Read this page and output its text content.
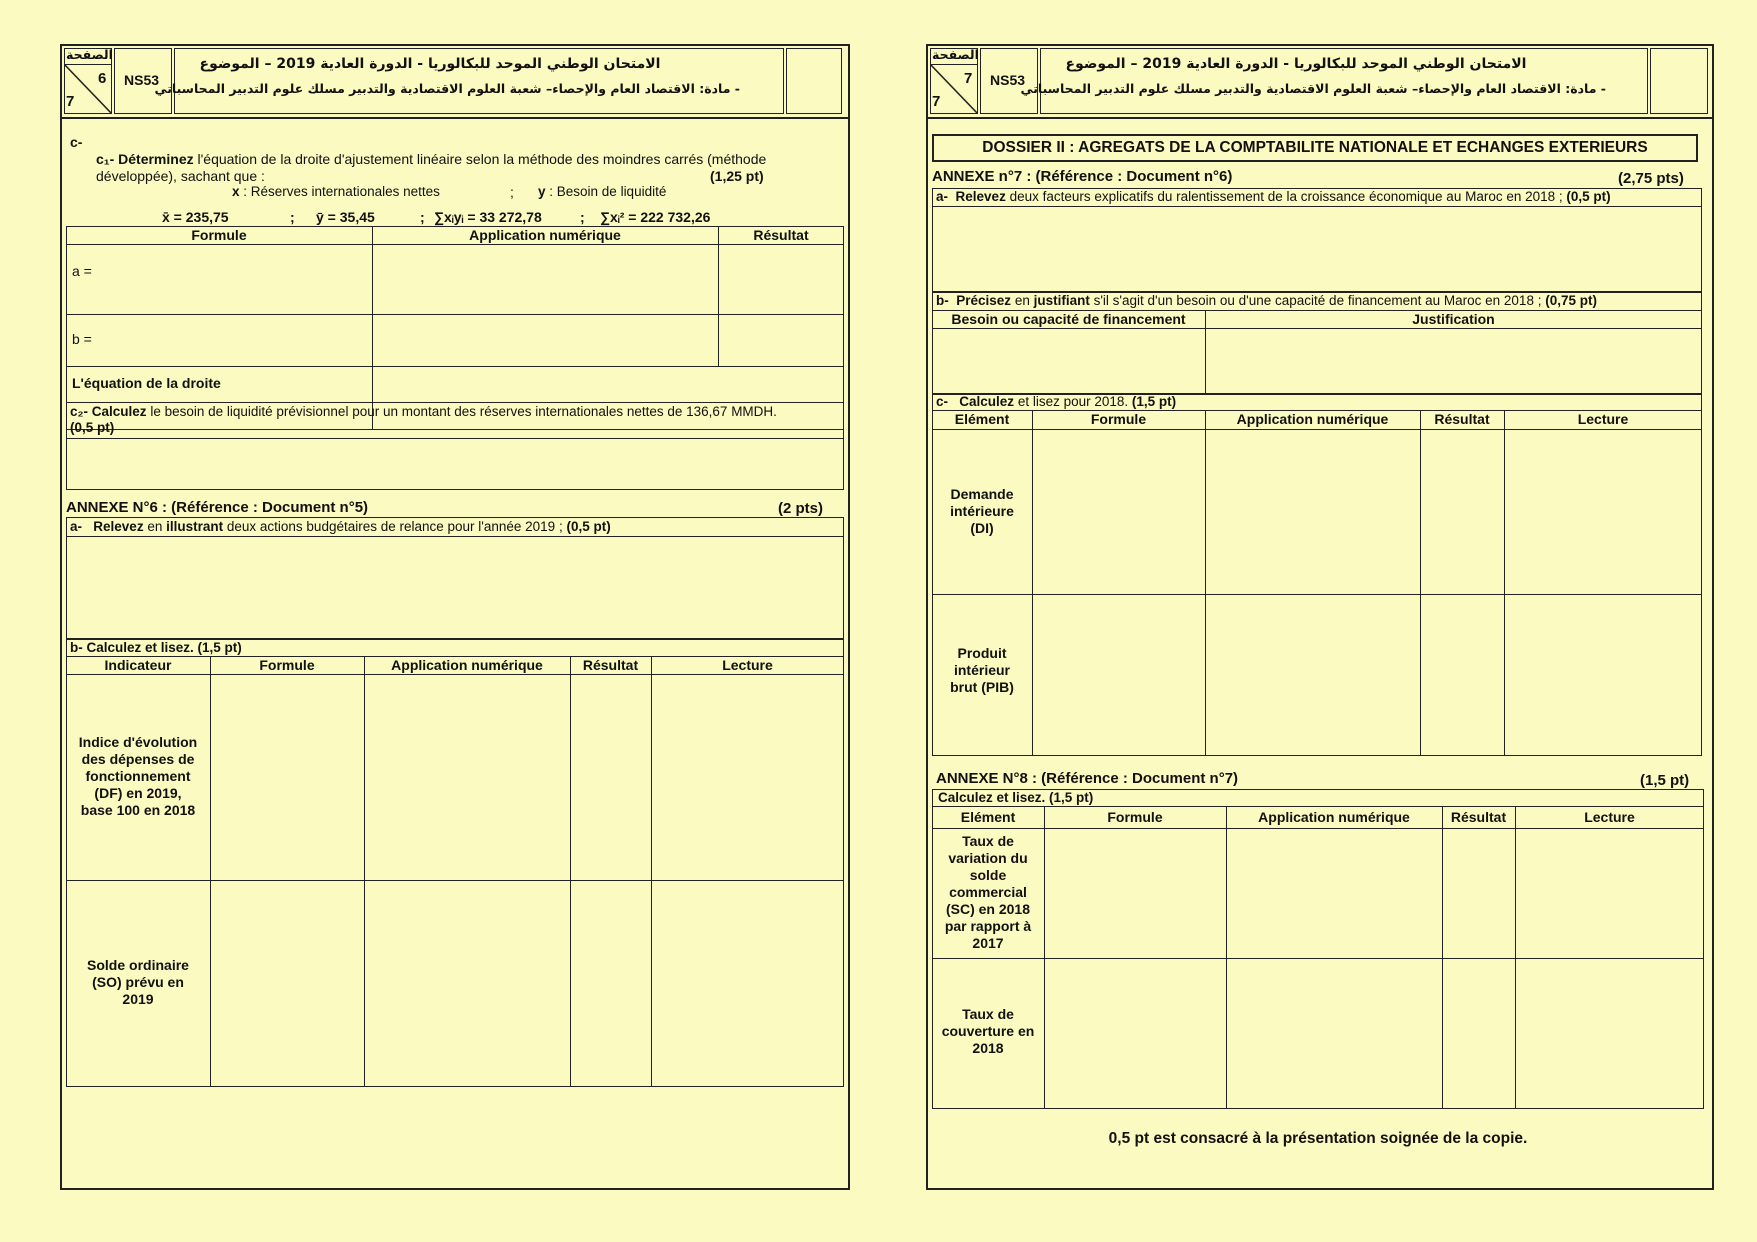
الصفحة
6
7
NS53
الامتحان الوطني الموحد للبكالوريا - الدورة العادية 2019 – الموضوع
- مادة: الاقتصاد العام والإحصاء– شعبة العلوم الاقتصادية والتدبير مسلك علوم التدبير المحاسباتي
c-
c₁- Déterminez l'équation de la droite d'ajustement linéaire selon la méthode des moindres carrés (méthode
développée), sachant que :	(1,25 pt)
x : Réserves internationales nettes	; y : Besoin de liquidité
x̄ = 235,75	; ȳ = 35,45	; ∑xᵢyᵢ = 33 272,78	; ∑xᵢ² = 222 732,26
Formule	Application numérique	Résultat
a =
b =
L'équation de la droite
c₂- Calculez le besoin de liquidité prévisionnel pour un montant des réserves internationales nettes de 136,67 MMDH.
(0,5 pt)
ANNEXE N°6 : (Référence : Document n°5)	(2 pts)
a- Relevez en illustrant deux actions budgétaires de relance pour l'année 2019 ; (0,5 pt)
b- Calculez et lisez. (1,5 pt)
Indicateur	Formule	Application numérique	Résultat	Lecture
Indice d'évolution
des dépenses de
fonctionnement
(DF) en 2019,
base 100 en 2018
Solde ordinaire
(SO) prévu en
2019
الصفحة
7
7
NS53
الامتحان الوطني الموحد للبكالوريا - الدورة العادية 2019 – الموضوع
- مادة: الاقتصاد العام والإحصاء– شعبة العلوم الاقتصادية والتدبير مسلك علوم التدبير المحاسباتي
DOSSIER II : AGREGATS DE LA COMPTABILITE NATIONALE ET ECHANGES EXTERIEURS
ANNEXE n°7 : (Référence : Document n°6)	(2,75 pts)
a- Relevez deux facteurs explicatifs du ralentissement de la croissance économique au Maroc en 2018 ; (0,5 pt)
b- Précisez en justifiant s'il s'agit d'un besoin ou d'une capacité de financement au Maroc en 2018 ; (0,75 pt)
Besoin ou capacité de financement	Justification
c- Calculez et lisez pour 2018. (1,5 pt)
Elément	Formule	Application numérique	Résultat	Lecture
Demande
intérieure
(DI)
Produit
intérieur
brut (PIB)
ANNEXE N°8 : (Référence : Document n°7)	(1,5 pt)
Calculez et lisez. (1,5 pt)
Elément	Formule	Application numérique	Résultat	Lecture
Taux de
variation du
solde
commercial
(SC) en 2018
par rapport à
2017
Taux de
couverture en
2018
0,5 pt est consacré à la présentation soignée de la copie.
